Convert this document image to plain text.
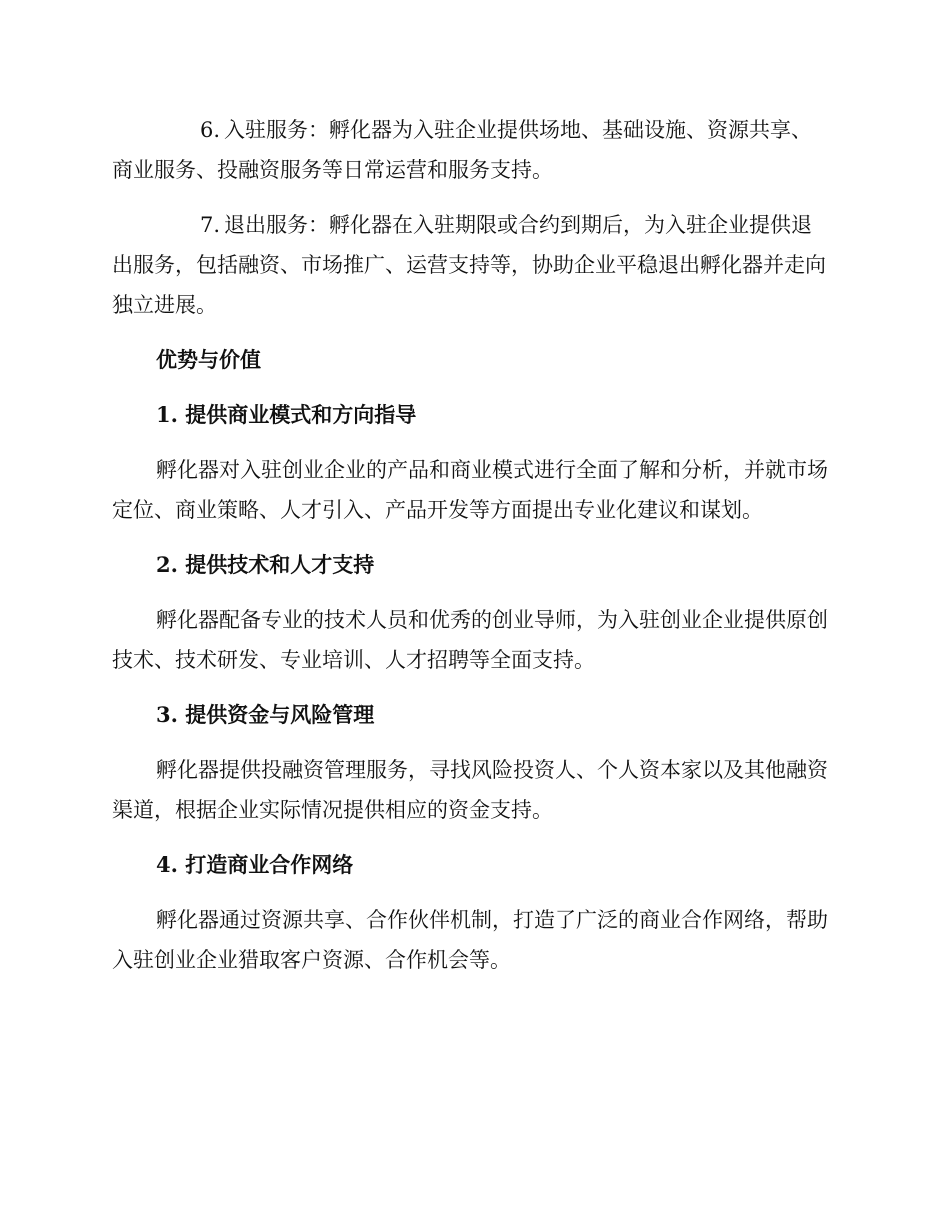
6. 入驻服务：孵化器为入驻企业提供场地、基础设施、资源共享、商业服务、投融资服务等日常运营和服务支持。

7. 退出服务：孵化器在入驻期限或合约到期后，为入驻企业提供退出服务，包括融资、市场推广、运营支持等，协助企业平稳退出孵化器并走向独立进展。

优势与价值
1. 提供商业模式和方向指导

孵化器对入驻创业企业的产品和商业模式进行全面了解和分析，并就市场定位、商业策略、人才引入、产品开发等方面提出专业化建议和谋划。

2. 提供技术和人才支持

孵化器配备专业的技术人员和优秀的创业导师，为入驻创业企业提供原创技术、技术研发、专业培训、人才招聘等全面支持。

3. 提供资金与风险管理

孵化器提供投融资管理服务，寻找风险投资人、个人资本家以及其他融资渠道，根据企业实际情况提供相应的资金支持。

4. 打造商业合作网络

孵化器通过资源共享、合作伙伴机制，打造了广泛的商业合作网络，帮助入驻创业企业猎取客户资源、合作机会等。
